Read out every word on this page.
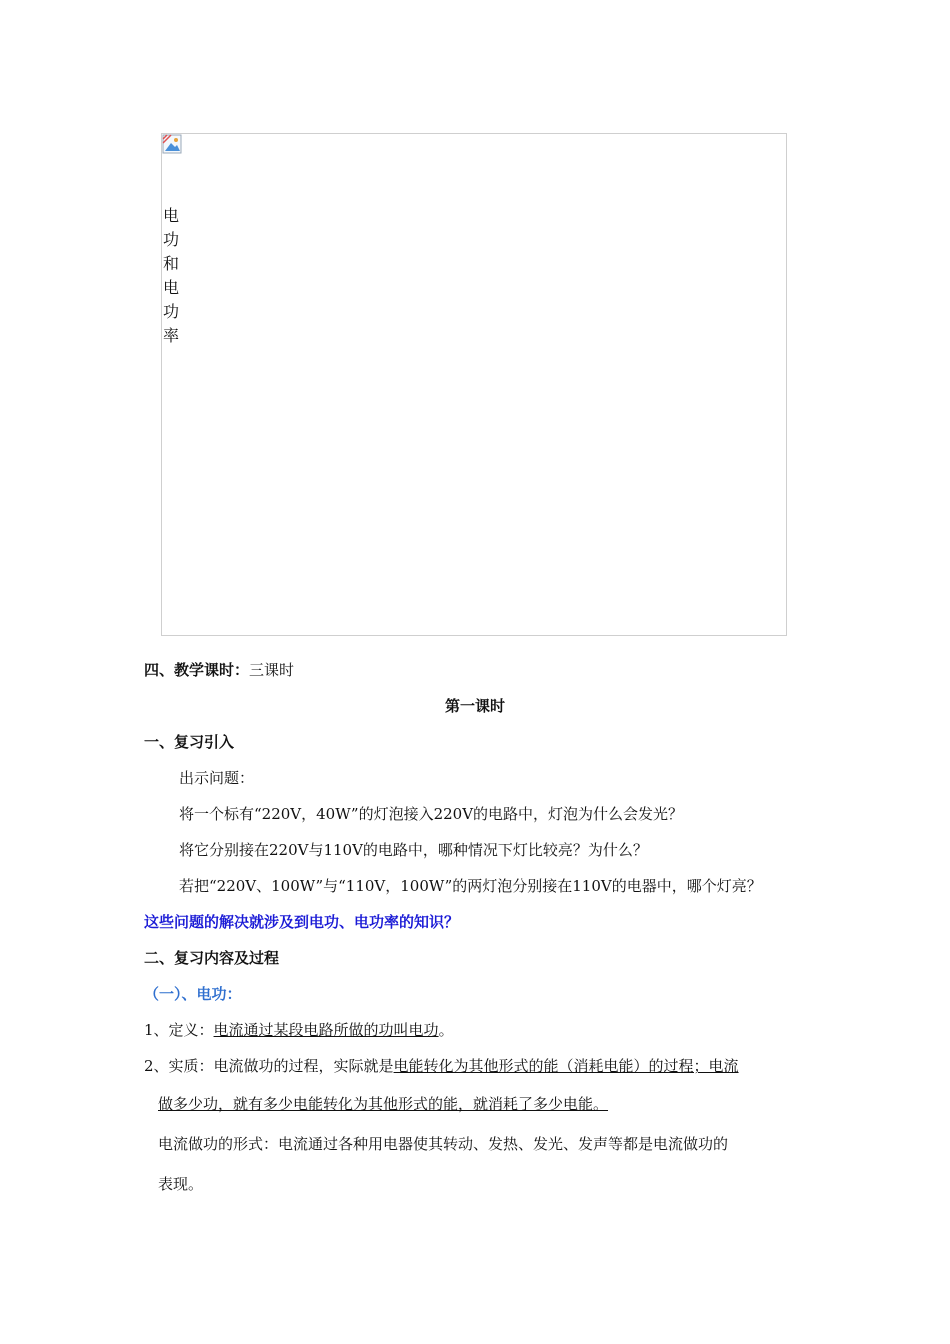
电功和电功率
四、教学课时：三课时
第一课时
一、复习引入
出示问题：
将一个标有“220V，40W”的灯泡接入220V的电路中，灯泡为什么会发光？
将它分别接在220V与110V的电路中，哪种情况下灯比较亮？为什么？
若把“220V、100W”与“110V，100W”的两灯泡分别接在110V的电器中，哪个灯亮？
这些问题的解决就涉及到电功、电功率的知识？
二、复习内容及过程
（一）、电功：
1、定义：电流通过某段电路所做的功叫电功。
2、实质：电流做功的过程，实际就是电能转化为其他形式的能（消耗电能）的过程；电流
做多少功，就有多少电能转化为其他形式的能，就消耗了多少电能。
电流做功的形式：电流通过各种用电器使其转动、发热、发光、发声等都是电流做功的
表现。
